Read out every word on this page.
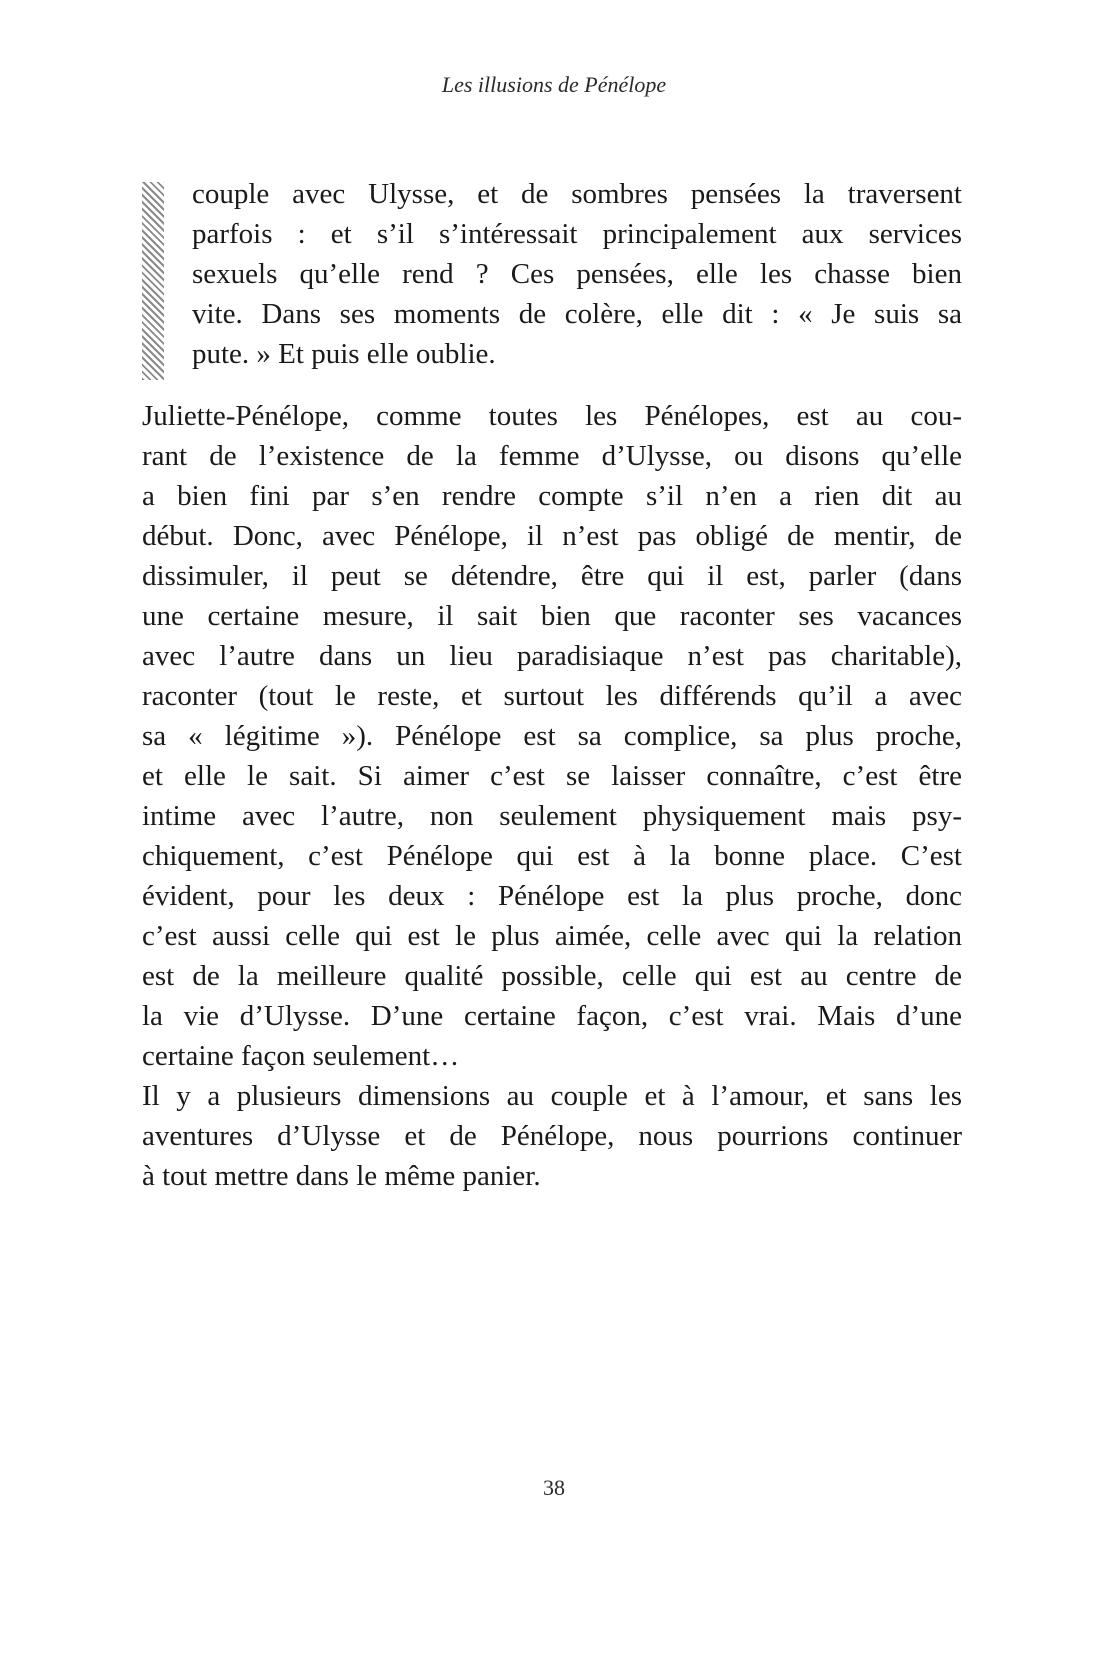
Les illusions de Pénélope

couple avec Ulysse, et de sombres pensées la traversent
parfois : et s’il s’intéressait principalement aux services
sexuels qu’elle rend ? Ces pensées, elle les chasse bien
vite. Dans ses moments de colère, elle dit : « Je suis sa
pute. » Et puis elle oublie.
Juliette-Pénélope, comme toutes les Pénélopes, est au cou-
rant de l’existence de la femme d’Ulysse, ou disons qu’elle
a bien fini par s’en rendre compte s’il n’en a rien dit au
début. Donc, avec Pénélope, il n’est pas obligé de mentir, de
dissimuler, il peut se détendre, être qui il est, parler (dans
une certaine mesure, il sait bien que raconter ses vacances
avec l’autre dans un lieu paradisiaque n’est pas charitable),
raconter (tout le reste, et surtout les différends qu’il a avec
sa « légitime »). Pénélope est sa complice, sa plus proche,
et elle le sait. Si aimer c’est se laisser connaître, c’est être
intime avec l’autre, non seulement physiquement mais psy-
chiquement, c’est Pénélope qui est à la bonne place. C’est
évident, pour les deux : Pénélope est la plus proche, donc
c’est aussi celle qui est le plus aimée, celle avec qui la relation
est de la meilleure qualité possible, celle qui est au centre de
la vie d’Ulysse. D’une certaine façon, c’est vrai. Mais d’une
certaine façon seulement…
Il y a plusieurs dimensions au couple et à l’amour, et sans les
aventures d’Ulysse et de Pénélope, nous pourrions continuer
à tout mettre dans le même panier.

38
